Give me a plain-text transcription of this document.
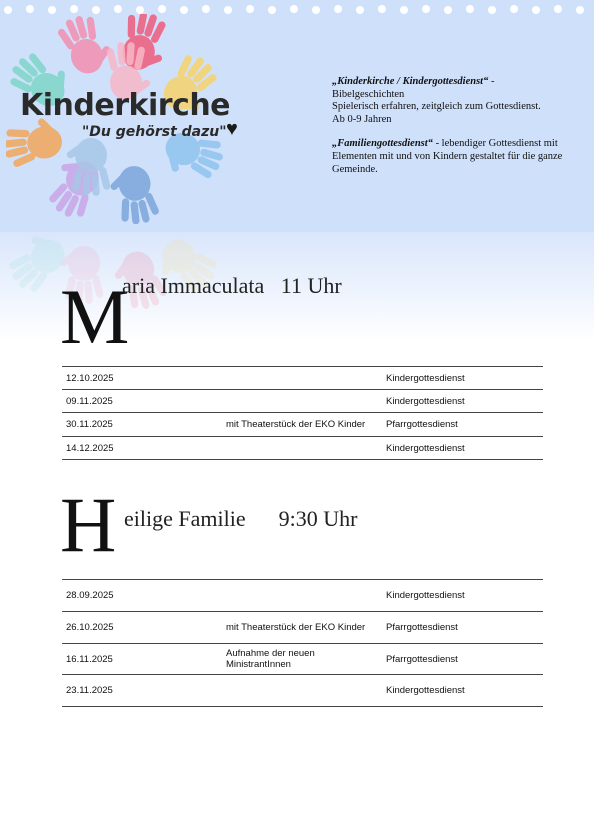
Kinderkirche
"Du gehörst dazu" ♥

„Kinderkirche / Kindergottesdienst“ -
Bibelgeschichten
Spielerisch erfahren, zeitgleich zum Gottesdienst.
Ab 0-9 Jahren

„Familiengottesdienst“ - lebendiger Gottesdienst mit Elementen mit und von Kindern gestaltet für die ganze Gemeinde.

M
aria Immaculata   11 Uhr
12.10.2025		Kindergottesdienst
09.11.2025		Kindergottesdienst
30.11.2025	mit Theaterstück der EKO Kinder	Pfarrgottesdienst
14.12.2025		Kindergottesdienst
H eilige Familie      9:30 Uhr
28.09.2025		Kindergottesdienst
26.10.2025	mit Theaterstück der EKO Kinder	Pfarrgottesdienst
16.11.2025	Aufnahme der neuen MinistrantInnen	Pfarrgottesdienst
23.11.2025		Kindergottesdienst
